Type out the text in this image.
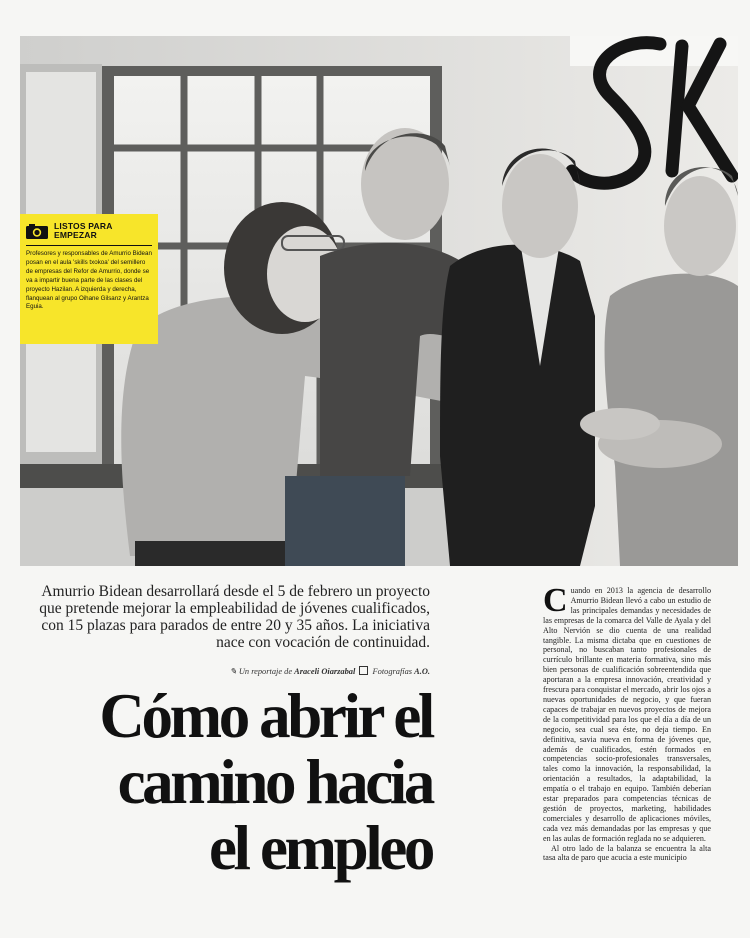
LISTOS PARA
EMPEZAR
Profesores y responsables de Amurrio Bidean posan en el aula 'skills txokoa' del semillero de empresas del Refor de Amurrio, donde se va a impartir buena parte de las clases del proyecto Hazilan. A izquierda y derecha, flanquean al grupo Oihane Gilsanz y Arantza Eguia.
Amurrio Bidean desarrollará desde el 5 de febrero un proyecto que pretende mejorar la empleabilidad de jóvenes cualificados, con 15 plazas para parados de entre 20 y 35 años. La iniciativa nace con vocación de continuidad.
✎ Un reportaje de Araceli Oiarzabal Fotografías A.O.
Cómo abrir el
camino hacia
el empleo

Cuando en 2013 la agencia de desarrollo Amurrio Bidean llevó a cabo un estudio de las principales demandas y necesidades de las empresas de la comarca del Valle de Ayala y del Alto Nervión se dio cuenta de una realidad tangible. La misma dictaba que en cuestiones de personal, no buscaban tanto profesionales de currículo brillante en materia formativa, sino más bien personas de cualificación sobreentendida que aportaran a la empresa innovación, creatividad y frescura para conquistar el mercado, abrir los ojos a nuevas oportunidades de negocio, y que fueran capaces de trabajar en nuevos proyectos de mejora de la competitividad para los que el día a día de un negocio, sea cual sea éste, no deja tiempo. En definitiva, savia nueva en forma de jóvenes que, además de cualificados, estén formados en competencias socio-profesionales transversales, tales como la innovación, la responsabilidad, la orientación a resultados, la adaptabilidad, la empatía o el trabajo en equipo. También deberían estar preparados para competencias técnicas de gestión de proyectos, marketing, habilidades comerciales y desarrollo de aplicaciones móviles, cada vez más demandadas por las empresas y que en las aulas de formación reglada no se adquieren.

Al otro lado de la balanza se encuentra la alta tasa alta de paro que acucia a este municipio
